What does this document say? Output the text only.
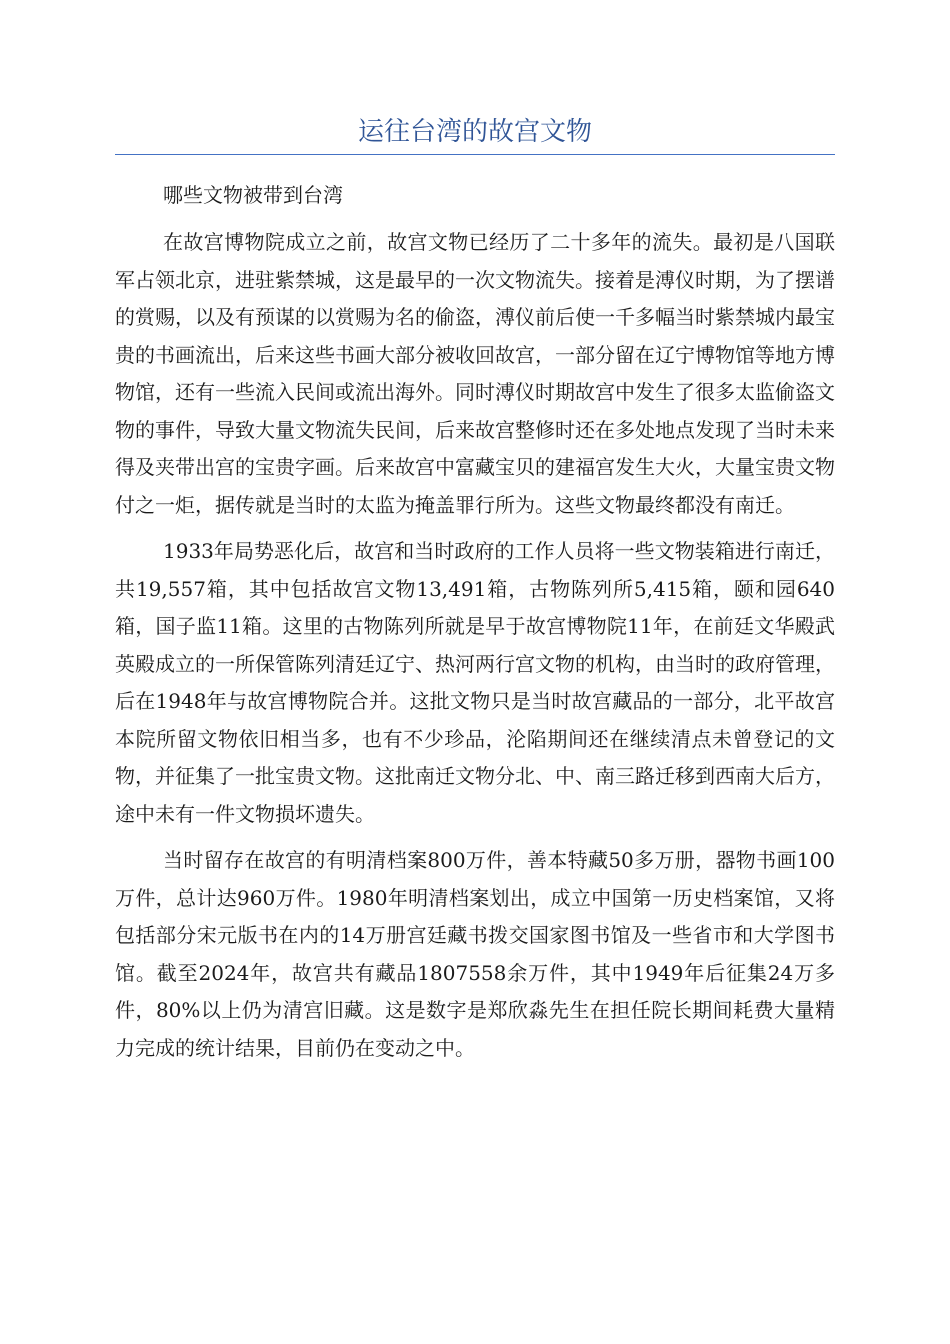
运往台湾的故宫文物

哪些文物被带到台湾

在故宫博物院成立之前，故宫文物已经历了二十多年的流失。最初是八国联军占领北京，进驻紫禁城，这是最早的一次文物流失。接着是溥仪时期，为了摆谱的赏赐，以及有预谋的以赏赐为名的偷盗，溥仪前后使一千多幅当时紫禁城内最宝贵的书画流出，后来这些书画大部分被收回故宫，一部分留在辽宁博物馆等地方博物馆，还有一些流入民间或流出海外。同时溥仪时期故宫中发生了很多太监偷盗文物的事件，导致大量文物流失民间，后来故宫整修时还在多处地点发现了当时未来得及夹带出宫的宝贵字画。后来故宫中富藏宝贝的建福宫发生大火，大量宝贵文物付之一炬，据传就是当时的太监为掩盖罪行所为。这些文物最终都没有南迁。

1933年局势恶化后，故宫和当时政府的工作人员将一些文物装箱进行南迁，共19,557箱，其中包括故宫文物13,491箱，古物陈列所5,415箱，颐和园640箱，国子监11箱。这里的古物陈列所就是早于故宫博物院11年，在前廷文华殿武英殿成立的一所保管陈列清廷辽宁、热河两行宫文物的机构，由当时的政府管理，后在1948年与故宫博物院合并。这批文物只是当时故宫藏品的一部分，北平故宫本院所留文物依旧相当多，也有不少珍品，沦陷期间还在继续清点未曾登记的文物，并征集了一批宝贵文物。这批南迁文物分北、中、南三路迁移到西南大后方，途中未有一件文物损坏遗失。

当时留存在故宫的有明清档案800万件，善本特藏50多万册，器物书画100万件，总计达960万件。1980年明清档案划出，成立中国第一历史档案馆，又将包括部分宋元版书在内的14万册宫廷藏书拨交国家图书馆及一些省市和大学图书馆。截至2024年，故宫共有藏品1807558余万件，其中1949年后征集24万多件，80%以上仍为清宫旧藏。这是数字是郑欣淼先生在担任院长期间耗费大量精力完成的统计结果，目前仍在变动之中。
